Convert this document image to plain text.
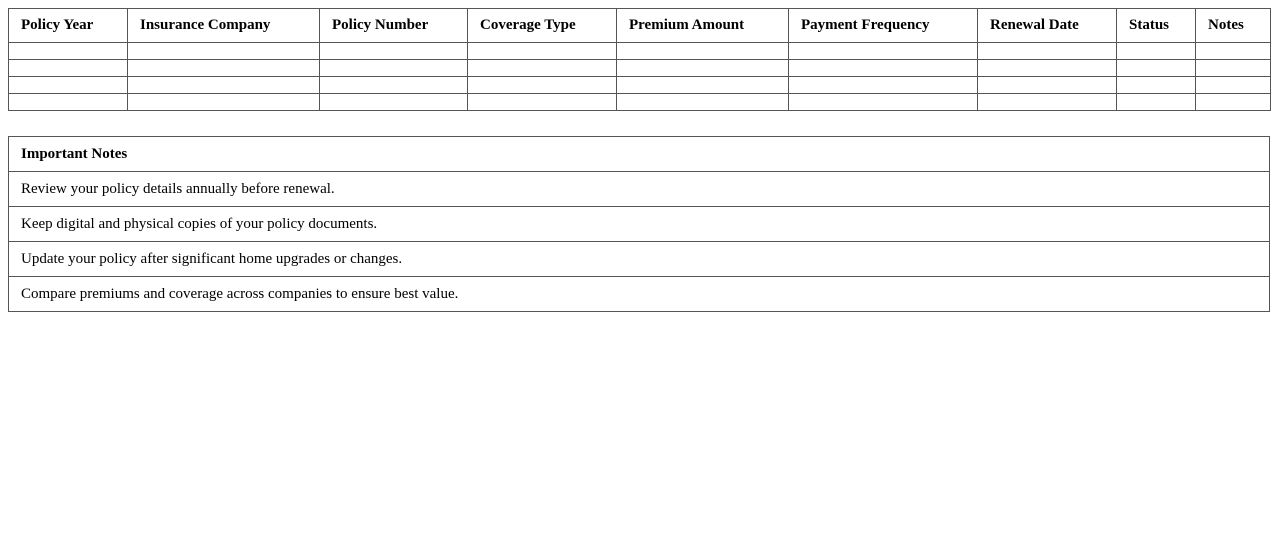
Policy Year	Insurance Company	Policy Number	Coverage Type	Premium Amount	Payment Frequency	Renewal Date	Status	Notes

Important Notes
Review your policy details annually before renewal.
Keep digital and physical copies of your policy documents.
Update your policy after significant home upgrades or changes.
Compare premiums and coverage across companies to ensure best value.
